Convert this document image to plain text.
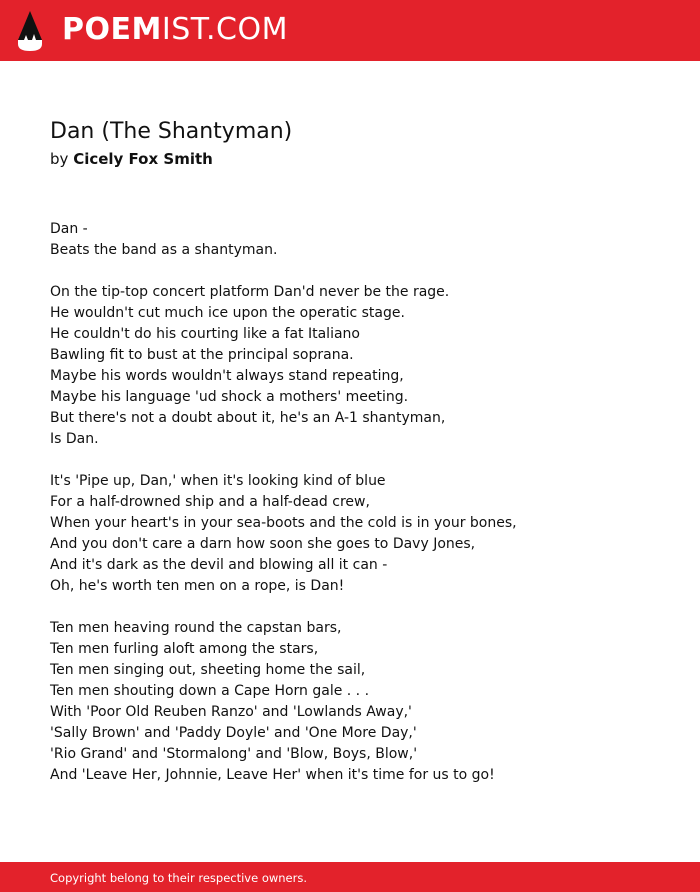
POEMIST.COM
Dan (The Shantyman)
by Cicely Fox Smith
Dan -
Beats the band as a shantyman.
On the tip-top concert platform Dan'd never be the rage.
He wouldn't cut much ice upon the operatic stage.
He couldn't do his courting like a fat Italiano
Bawling fit to bust at the principal soprana.
Maybe his words wouldn't always stand repeating,
Maybe his language 'ud shock a mothers' meeting.
But there's not a doubt about it, he's an A-1 shantyman,
Is Dan.
It's 'Pipe up, Dan,' when it's looking kind of blue
For a half-drowned ship and a half-dead crew,
When your heart's in your sea-boots and the cold is in your bones,
And you don't care a darn how soon she goes to Davy Jones,
And it's dark as the devil and blowing all it can -
Oh, he's worth ten men on a rope, is Dan!
Ten men heaving round the capstan bars,
Ten men furling aloft among the stars,
Ten men singing out, sheeting home the sail,
Ten men shouting down a Cape Horn gale . . .
With 'Poor Old Reuben Ranzo' and 'Lowlands Away,'
'Sally Brown' and 'Paddy Doyle' and 'One More Day,'
'Rio Grand' and 'Stormalong' and 'Blow, Boys, Blow,'
And 'Leave Her, Johnnie, Leave Her' when it's time for us to go!
Copyright belong to their respective owners.
